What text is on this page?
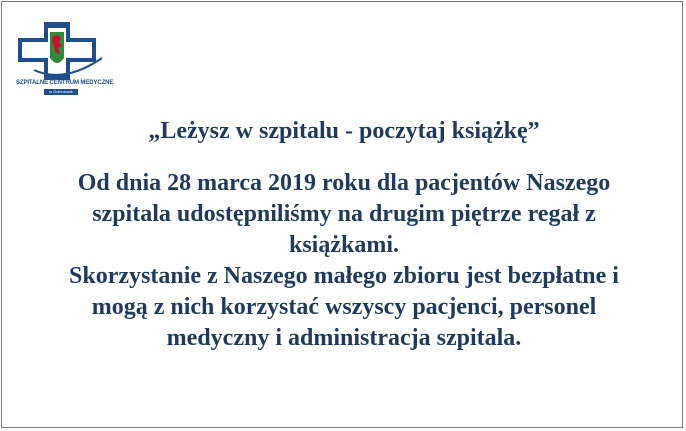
SZPITALNE CENTRUM MEDYCZNE
w Goleniowie

„Leżysz w szpitalu - poczytaj książkę”

Od dnia 28 marca 2019 roku dla pacjentów Naszego
szpitala udostępniliśmy na drugim piętrze regał z
książkami.
Skorzystanie z Naszego małego zbioru jest bezpłatne i
mogą z nich korzystać wszyscy pacjenci, personel
medyczny i administracja szpitala.
